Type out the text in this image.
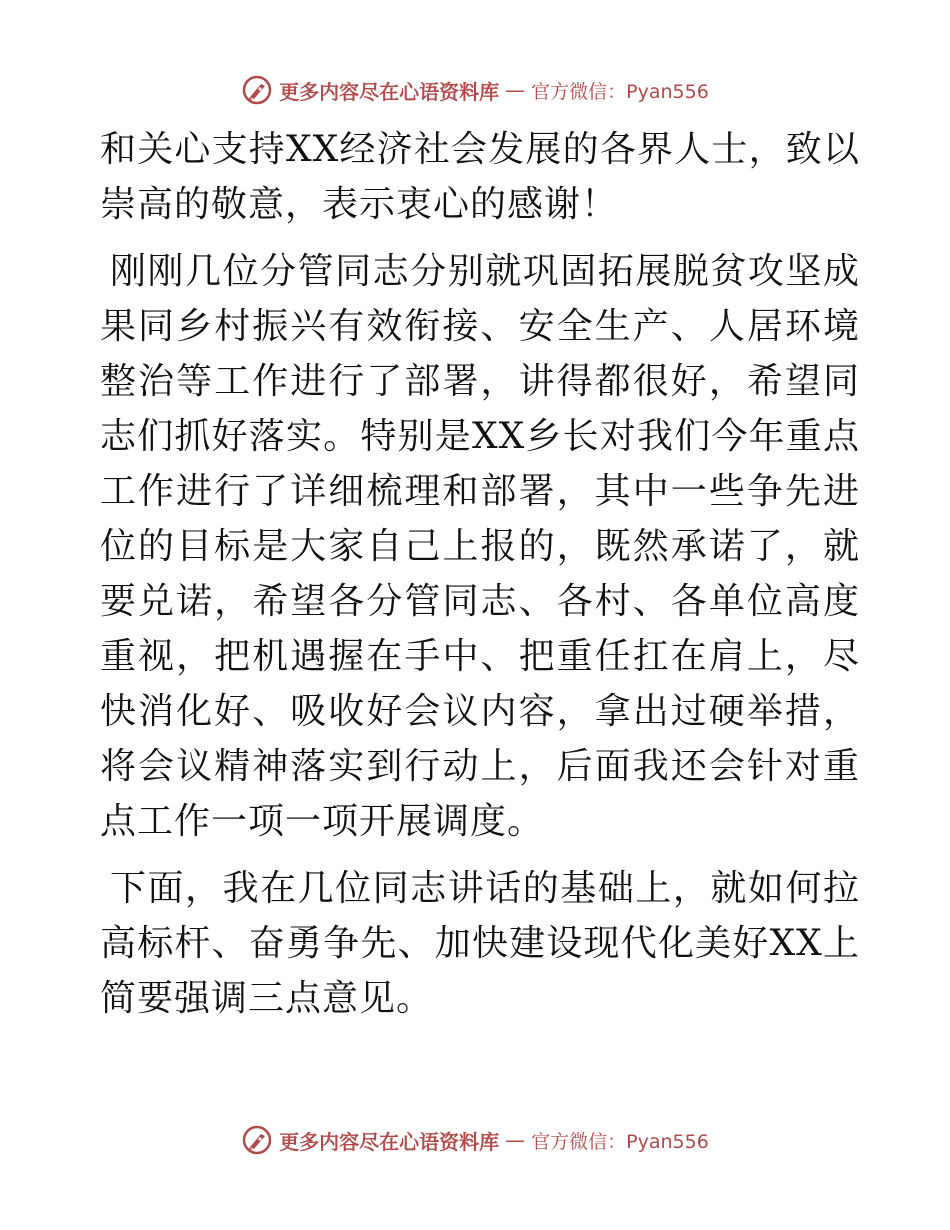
更多内容尽在心语资料库 — 官方微信：Pyan556

和关心支持XX经济社会发展的各界人士，致以崇高的敬意，表示衷心的感谢！

刚刚几位分管同志分别就巩固拓展脱贫攻坚成果同乡村振兴有效衔接、安全生产、人居环境整治等工作进行了部署，讲得都很好，希望同志们抓好落实。特别是XX乡长对我们今年重点工作进行了详细梳理和部署，其中一些争先进位的目标是大家自己上报的，既然承诺了，就要兑诺，希望各分管同志、各村、各单位高度重视，把机遇握在手中、把重任扛在肩上，尽快消化好、吸收好会议内容，拿出过硬举措，将会议精神落实到行动上，后面我还会针对重点工作一项一项开展调度。

下面，我在几位同志讲话的基础上，就如何拉高标杆、奋勇争先、加快建设现代化美好XX上简要强调三点意见。

更多内容尽在心语资料库 — 官方微信：Pyan556
